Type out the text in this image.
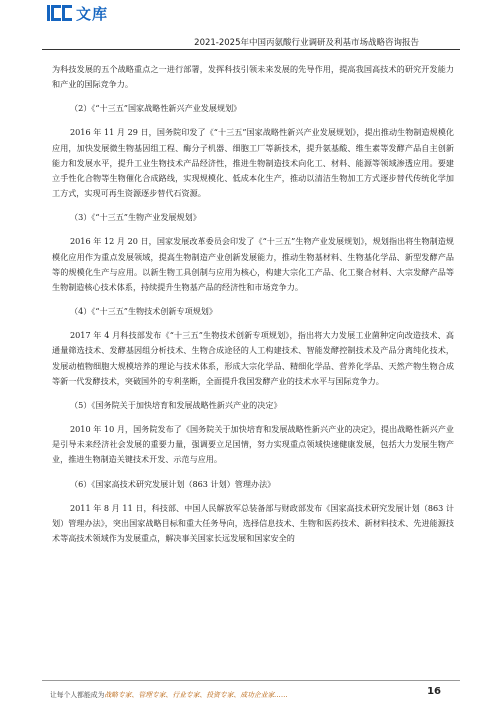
文库
2021-2025年中国丙氨酸行业调研及利基市场战略咨询报告

为科技发展的五个战略重点之一进行部署，发挥科技引领未来发展的先导作用，提高我国高技术的研究开发能力和产业的国际竞争力。

（2）《“十三五”国家战略性新兴产业发展规划》

2016 年 11 月 29 日，国务院印发了《“十三五”国家战略性新兴产业发展规划》，提出推动生物制造规模化应用，加快发展微生物基因组工程、酶分子机器、细胞工厂等新技术，提升氨基酸、维生素等发酵产品自主创新能力和发展水平，提升工业生物技术产品经济性，推进生物制造技术向化工、材料、能源等领域渗透应用。要建立手性化合物等生物催化合成路线，实现规模化、低成本化生产，推动以清洁生物加工方式逐步替代传统化学加工方式，实现可再生资源逐步替代石资源。

（3）《“十三五”生物产业发展规划》

2016 年 12 月 20 日，国家发展改革委员会印发了《“十三五”生物产业发展规划》，规划指出将生物制造规模化应用作为重点发展领域，提高生物制造产业创新发展能力，推动生物基材料、生物基化学品、新型发酵产品等的规模化生产与应用。以新生物工具创制与应用为核心，构建大宗化工产品、化工聚合材料、大宗发酵产品等生物制造核心技术体系，持续提升生物基产品的经济性和市场竞争力。

（4）《“十三五”生物技术创新专项规划》

2017 年 4 月科技部发布《“十三五”生物技术创新专项规划》，指出将大力发展工业菌种定向改造技术、高通量筛选技术、发酵基因组分析技术、生物合成途径的人工构建技术、智能发酵控制技术及产品分离纯化技术，发展动植物细胞大规模培养的理论与技术体系，形成大宗化学品、精细化学品、营养化学品、天然产物生物合成等新一代发酵技术，突破国外的专利垄断，全面提升我国发酵产业的技术水平与国际竞争力。

（5）《国务院关于加快培育和发展战略性新兴产业的决定》

2010 年 10 月，国务院发布了《国务院关于加快培育和发展战略性新兴产业的决定》，提出战略性新兴产业是引导未来经济社会发展的重要力量，强调要立足国情，努力实现重点领域快速健康发展，包括大力发展生物产业，推进生物制造关键技术开发、示范与应用。

（6）《国家高技术研究发展计划（863 计划）管理办法》

2011 年 8 月 11 日，科技部、中国人民解放军总装备部与财政部发布《国家高技术研究发展计划（863 计划）管理办法》，突出国家战略目标和重大任务导向，选择信息技术、生物和医药技术、新材料技术、先进能源技术等高技术领域作为发展重点，解决事关国家长远发展和国家安全的

让每个人都能成为战略专家、管理专家、行业专家、投资专家、成功企业家……	16
